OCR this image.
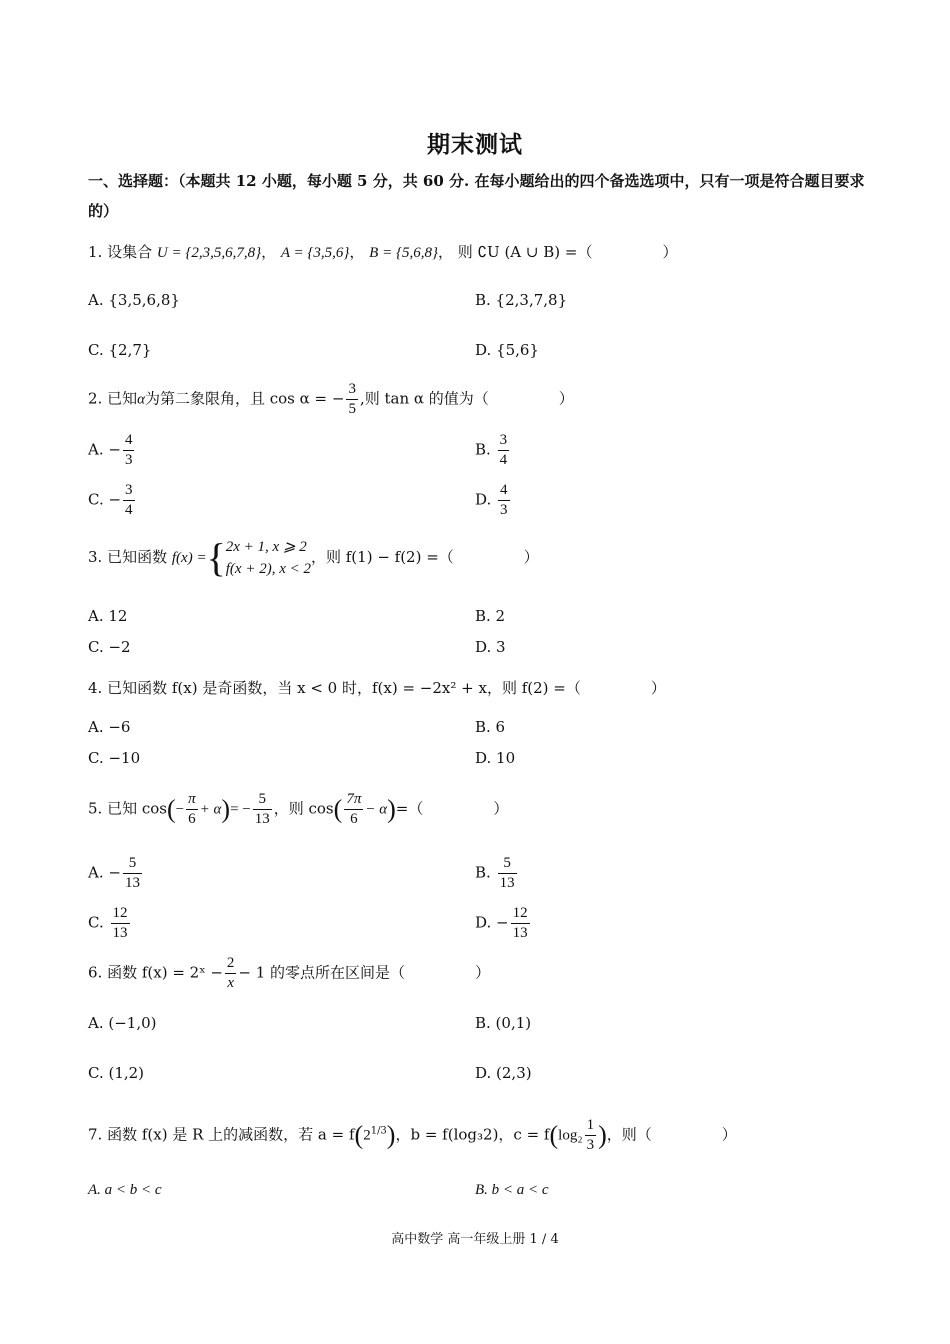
期末测试
一、选择题：（本题共 12 小题，每小题 5 分，共 60 分. 在每小题给出的四个备选选项中，只有一项是符合题目要求的）
1. 设集合 U = {2,3,5,6,7,8}， A = {3,5,6}， B = {5,6,8}， 则 ∁U (A ∪ B) =（	）
A. {3,5,6,8}	B. {2,3,7,8}
C. {2,7}	D. {5,6}
2. 已知α为第二象限角，且 cos α = − $\frac{3}{5}$ ,则 tan α 的值为（	）
A. − $\frac{4}{3}$	B. $\frac{3}{4}$
C. − $\frac{3}{4}$	D. $\frac{4}{3}$
3. 已知函数 f(x) ={ 2x + 1, x ⩾ 2
f(x + 2), x < 2
，则 f(1) − f(2) =（	）
A. 12	B. 2
C. −2	D. 3
4. 已知函数 f(x) 是奇函数，当 x < 0 时，f(x) = −2x² + x，则 f(2) =（	）
A. −6	B. 6
C. −10	D. 10
5. 已知 $\cos(- \frac{\pi}{6} + \alpha)= - \frac{5}{13}$ ，则 $\cos( \frac{7\pi}{6} - \alpha)=$（	）
A. − $\frac{5}{13}$	B. $\frac{5}{13}$
C. $\frac{12}{13}$	D. − $\frac{12}{13}$
6. 函数 f(x) = 2ˣ − $\frac{2}{x} - 1$ 的零点所在区间是（	）
A. (−1,0)	B. (0,1)
C. (1,2)	D. (2,3)
7. 函数 f(x) 是 R 上的减函数，若 $a = f(2^{1/3})$，b = f(log₃2)，$c = f(\log_2 \frac{1}{3}$ )，则（	）
A. a < b < c	B. b < a < c
高中数学 高一年级上册 1 / 4
